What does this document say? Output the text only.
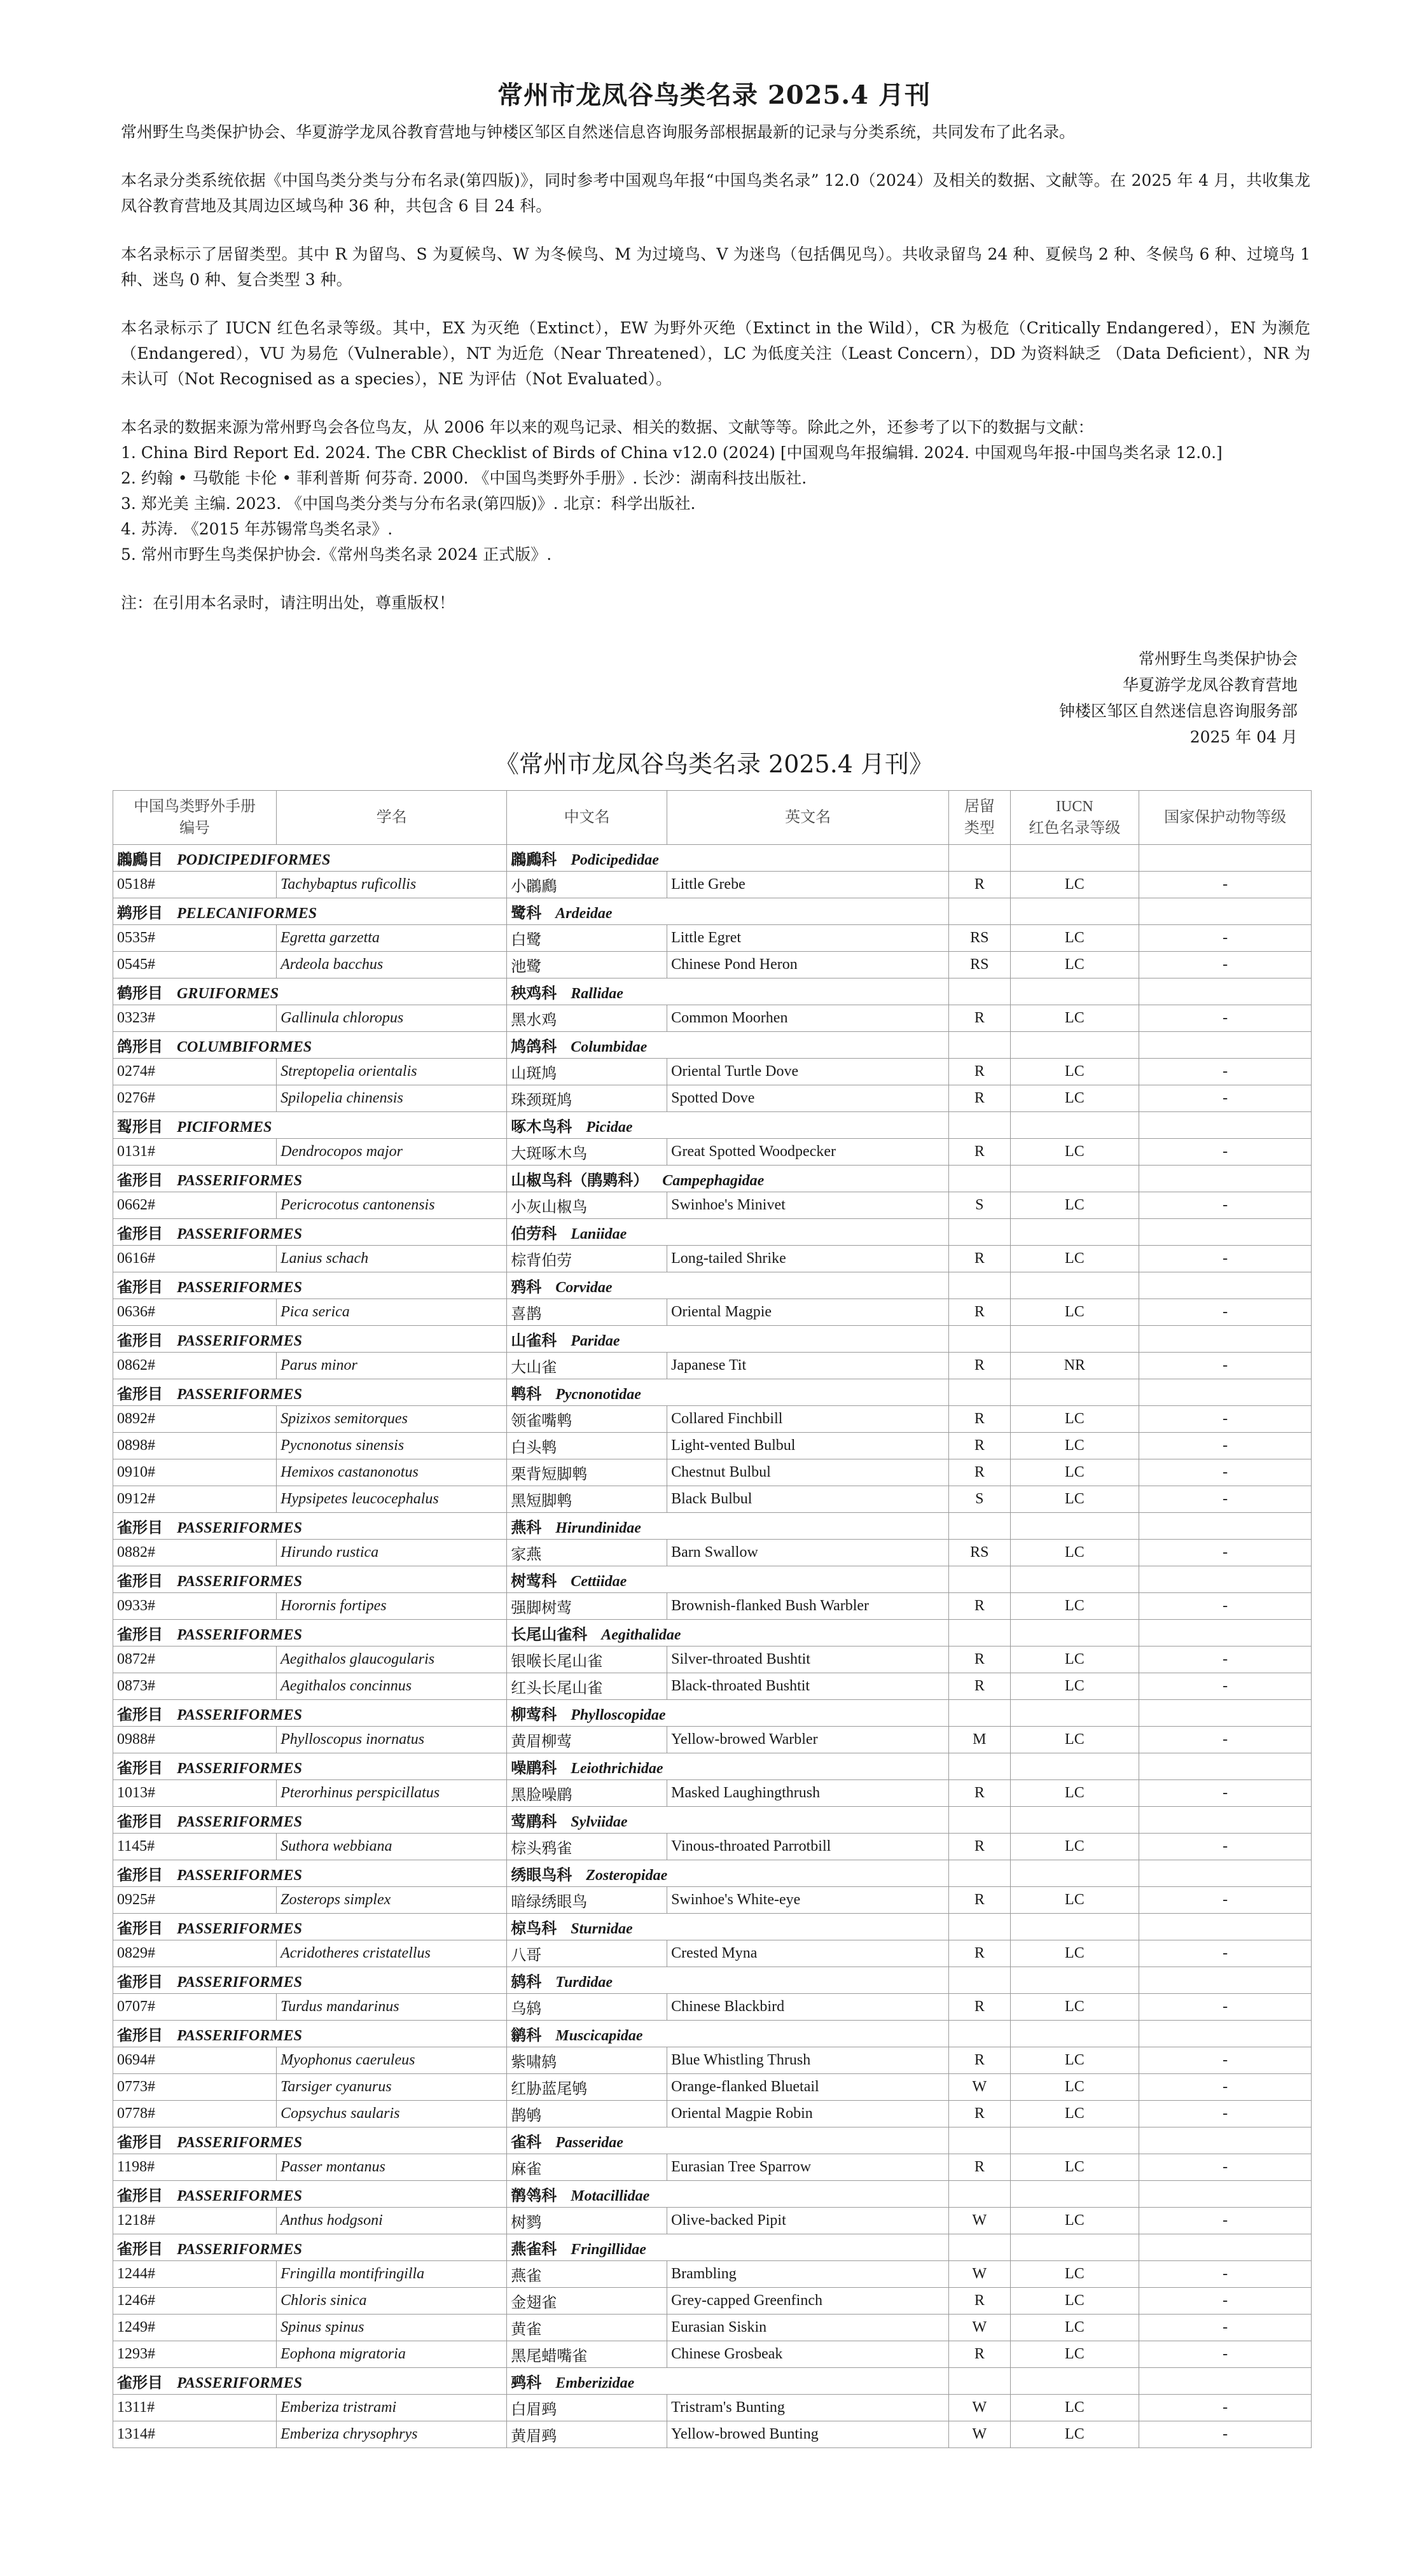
常州市龙凤谷鸟类名录 2025.4 月刊

常州野生鸟类保护协会、华夏游学龙凤谷教育营地与钟楼区邹区自然迷信息咨询服务部根据最新的记录与分类系统，共同发布了此名录。

本名录分类系统依据《中国鸟类分类与分布名录(第四版)》，同时参考中国观鸟年报“中国鸟类名录” 12.0（2024）及相关的数据、文献等。在 2025 年 4 月，共收集龙凤谷教育营地及其周边区域鸟种 36 种，共包含 6 目 24 科。

本名录标示了居留类型。其中 R 为留鸟、S 为夏候鸟、W 为冬候鸟、M 为过境鸟、V 为迷鸟（包括偶见鸟）。共收录留鸟 24 种、夏候鸟 2 种、冬候鸟 6 种、过境鸟 1 种、迷鸟 0 种、复合类型 3 种。

本名录标示了 IUCN 红色名录等级。其中，EX 为灭绝（Extinct），EW 为野外灭绝（Extinct in the Wild），CR 为极危（Critically Endangered），EN 为濒危（Endangered），VU 为易危（Vulnerable），NT 为近危（Near Threatened），LC 为低度关注（Least Concern），DD 为资料缺乏 （Data Deficient），NR 为未认可（Not Recognised as a species），NE 为评估（Not Evaluated）。

本名录的数据来源为常州野鸟会各位鸟友，从 2006 年以来的观鸟记录、相关的数据、文献等等。除此之外，还参考了以下的数据与文献：

1. China Bird Report Ed. 2024. The CBR Checklist of Birds of China v12.0 (2024) [中国观鸟年报编辑. 2024. 中国观鸟年报-中国鸟类名录 12.0.]

2. 约翰 • 马敬能 卡伦 • 菲利普斯 何芬奇. 2000. 《中国鸟类野外手册》. 长沙：湖南科技出版社.

3. 郑光美 主编. 2023. 《中国鸟类分类与分布名录(第四版)》. 北京：科学出版社.

4. 苏涛. 《2015 年苏锡常鸟类名录》.

5. 常州市野生鸟类保护协会.《常州鸟类名录 2024 正式版》.

注：在引用本名录时，请注明出处，尊重版权！

常州野生鸟类保护协会
华夏游学龙凤谷教育营地
钟楼区邹区自然迷信息咨询服务部
2025 年 04 月
《常州市龙凤谷鸟类名录 2025.4 月刊》
中国鸟类野外手册
编号	学名	中文名	英文名	居留
类型	IUCN
红色名录等级	国家保护动物等级
鸊鷉目 PODICIPEDIFORMES		鸊鷉科 Podicipedidae				
0518#	Tachybaptus ruficollis	小鸊鷉	Little Grebe	R	LC	-
鹈形目 PELECANIFORMES		鹭科 Ardeidae				
0535#	Egretta garzetta	白鹭	Little Egret	RS	LC	-
0545#	Ardeola bacchus	池鹭	Chinese Pond Heron	RS	LC	-
鹤形目 GRUIFORMES		秧鸡科 Rallidae				
0323#	Gallinula chloropus	黑水鸡	Common Moorhen	R	LC	-
鸽形目 COLUMBIFORMES		鸠鸽科 Columbidae				
0274#	Streptopelia orientalis	山斑鸠	Oriental Turtle Dove	R	LC	-
0276#	Spilopelia chinensis	珠颈斑鸠	Spotted Dove	R	LC	-
䴕形目 PICIFORMES		啄木鸟科 Picidae				
0131#	Dendrocopos major	大斑啄木鸟	Great Spotted Woodpecker	R	LC	-
雀形目 PASSERIFORMES		山椒鸟科（鹃䴗科） Campephagidae				
0662#	Pericrocotus cantonensis	小灰山椒鸟	Swinhoe's Minivet	S	LC	-
雀形目 PASSERIFORMES		伯劳科 Laniidae				
0616#	Lanius schach	棕背伯劳	Long-tailed Shrike	R	LC	-
雀形目 PASSERIFORMES		鸦科 Corvidae				
0636#	Pica serica	喜鹊	Oriental Magpie	R	LC	-
雀形目 PASSERIFORMES		山雀科 Paridae				
0862#	Parus minor	大山雀	Japanese Tit	R	NR	-
雀形目 PASSERIFORMES		鹎科 Pycnonotidae				
0892#	Spizixos semitorques	领雀嘴鹎	Collared Finchbill	R	LC	-
0898#	Pycnonotus sinensis	白头鹎	Light-vented Bulbul	R	LC	-
0910#	Hemixos castanonotus	栗背短脚鹎	Chestnut Bulbul	R	LC	-
0912#	Hypsipetes leucocephalus	黑短脚鹎	Black Bulbul	S	LC	-
雀形目 PASSERIFORMES		燕科 Hirundinidae				
0882#	Hirundo rustica	家燕	Barn Swallow	RS	LC	-
雀形目 PASSERIFORMES		树莺科 Cettiidae				
0933#	Horornis fortipes	强脚树莺	Brownish-flanked Bush Warbler	R	LC	-
雀形目 PASSERIFORMES		长尾山雀科 Aegithalidae				
0872#	Aegithalos glaucogularis	银喉长尾山雀	Silver-throated Bushtit	R	LC	-
0873#	Aegithalos concinnus	红头长尾山雀	Black-throated Bushtit	R	LC	-
雀形目 PASSERIFORMES		柳莺科 Phylloscopidae				
0988#	Phylloscopus inornatus	黄眉柳莺	Yellow-browed Warbler	M	LC	-
雀形目 PASSERIFORMES		噪鹛科 Leiothrichidae				
1013#	Pterorhinus perspicillatus	黑脸噪鹛	Masked Laughingthrush	R	LC	-
雀形目 PASSERIFORMES		莺鹛科 Sylviidae				
1145#	Suthora webbiana	棕头鸦雀	Vinous-throated Parrotbill	R	LC	-
雀形目 PASSERIFORMES		绣眼鸟科 Zosteropidae				
0925#	Zosterops simplex	暗绿绣眼鸟	Swinhoe's White-eye	R	LC	-
雀形目 PASSERIFORMES		椋鸟科 Sturnidae				
0829#	Acridotheres cristatellus	八哥	Crested Myna	R	LC	-
雀形目 PASSERIFORMES		鸫科 Turdidae				
0707#	Turdus mandarinus	乌鸫	Chinese Blackbird	R	LC	-
雀形目 PASSERIFORMES		鹟科 Muscicapidae				
0694#	Myophonus caeruleus	紫啸鸫	Blue Whistling Thrush	R	LC	-
0773#	Tarsiger cyanurus	红胁蓝尾鸲	Orange-flanked Bluetail	W	LC	-
0778#	Copsychus saularis	鹊鸲	Oriental Magpie Robin	R	LC	-
雀形目 PASSERIFORMES		雀科 Passeridae				
1198#	Passer montanus	麻雀	Eurasian Tree Sparrow	R	LC	-
雀形目 PASSERIFORMES		鹡鸰科 Motacillidae				
1218#	Anthus hodgsoni	树鹨	Olive-backed Pipit	W	LC	-
雀形目 PASSERIFORMES		燕雀科 Fringillidae				
1244#	Fringilla montifringilla	燕雀	Brambling	W	LC	-
1246#	Chloris sinica	金翅雀	Grey-capped Greenfinch	R	LC	-
1249#	Spinus spinus	黄雀	Eurasian Siskin	W	LC	-
1293#	Eophona migratoria	黑尾蜡嘴雀	Chinese Grosbeak	R	LC	-
雀形目 PASSERIFORMES		鹀科 Emberizidae				
1311#	Emberiza tristrami	白眉鹀	Tristram's Bunting	W	LC	-
1314#	Emberiza chrysophrys	黄眉鹀	Yellow-browed Bunting	W	LC	-
